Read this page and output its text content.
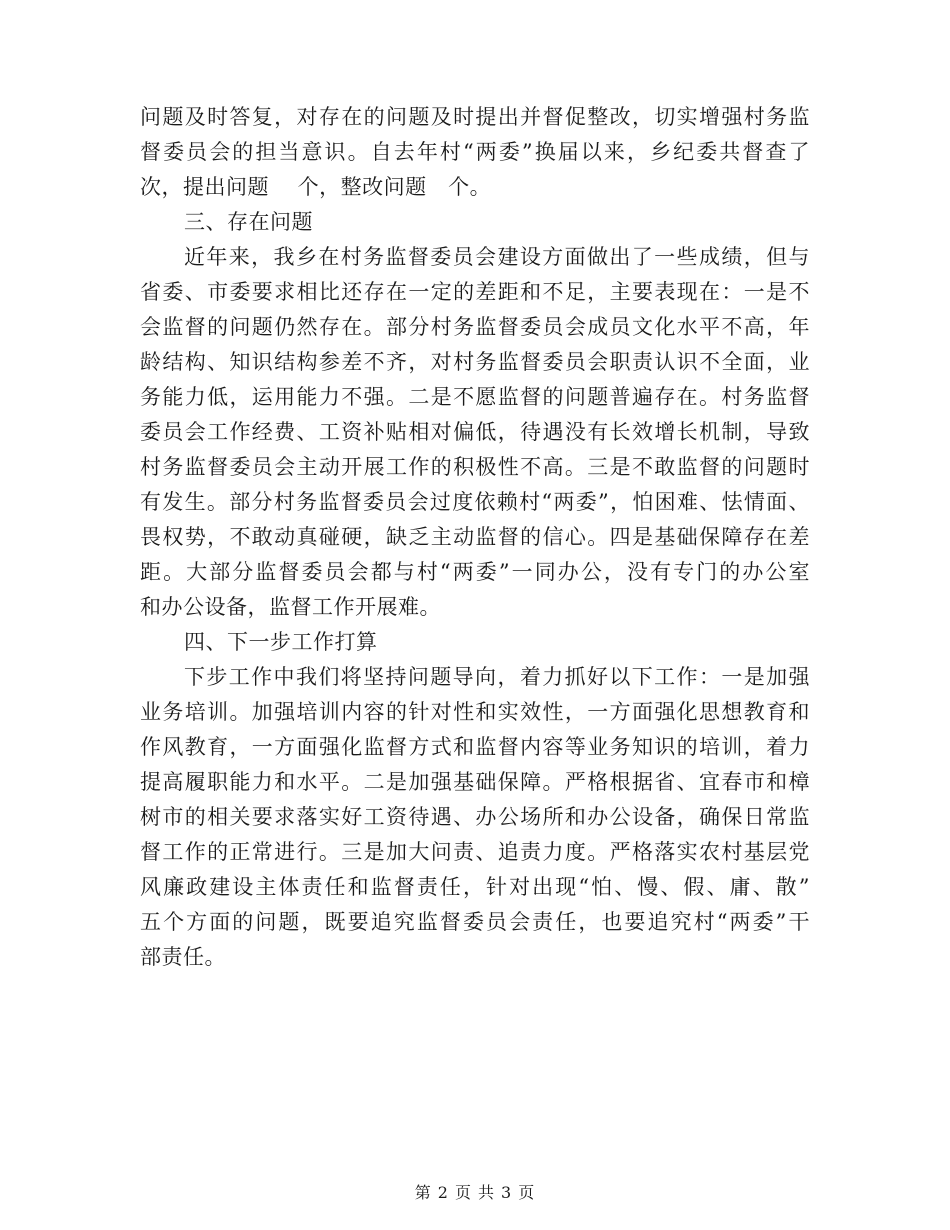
问题及时答复，对存在的问题及时提出并督促整改，切实增强村务监
督委员会的担当意识。自去年村“两委”换届以来，乡纪委共督查了
次，提出问题　 个，整改问题　个。
三、存在问题
近年来，我乡在村务监督委员会建设方面做出了一些成绩，但与
省委、市委要求相比还存在一定的差距和不足，主要表现在：一是不
会监督的问题仍然存在。部分村务监督委员会成员文化水平不高，年
龄结构、知识结构参差不齐，对村务监督委员会职责认识不全面，业
务能力低，运用能力不强。二是不愿监督的问题普遍存在。村务监督
委员会工作经费、工资补贴相对偏低，待遇没有长效增长机制，导致
村务监督委员会主动开展工作的积极性不高。三是不敢监督的问题时
有发生。部分村务监督委员会过度依赖村“两委”，怕困难、怯情面、
畏权势，不敢动真碰硬，缺乏主动监督的信心。四是基础保障存在差
距。大部分监督委员会都与村“两委”一同办公，没有专门的办公室
和办公设备，监督工作开展难。
四、下一步工作打算
下步工作中我们将坚持问题导向，着力抓好以下工作：一是加强
业务培训。加强培训内容的针对性和实效性，一方面强化思想教育和
作风教育，一方面强化监督方式和监督内容等业务知识的培训，着力
提高履职能力和水平。二是加强基础保障。严格根据省、宜春市和樟
树市的相关要求落实好工资待遇、办公场所和办公设备，确保日常监
督工作的正常进行。三是加大问责、追责力度。严格落实农村基层党
风廉政建设主体责任和监督责任，针对出现“怕、慢、假、庸、散”
五个方面的问题，既要追究监督委员会责任，也要追究村“两委”干
部责任。
第 2 页 共 3 页
